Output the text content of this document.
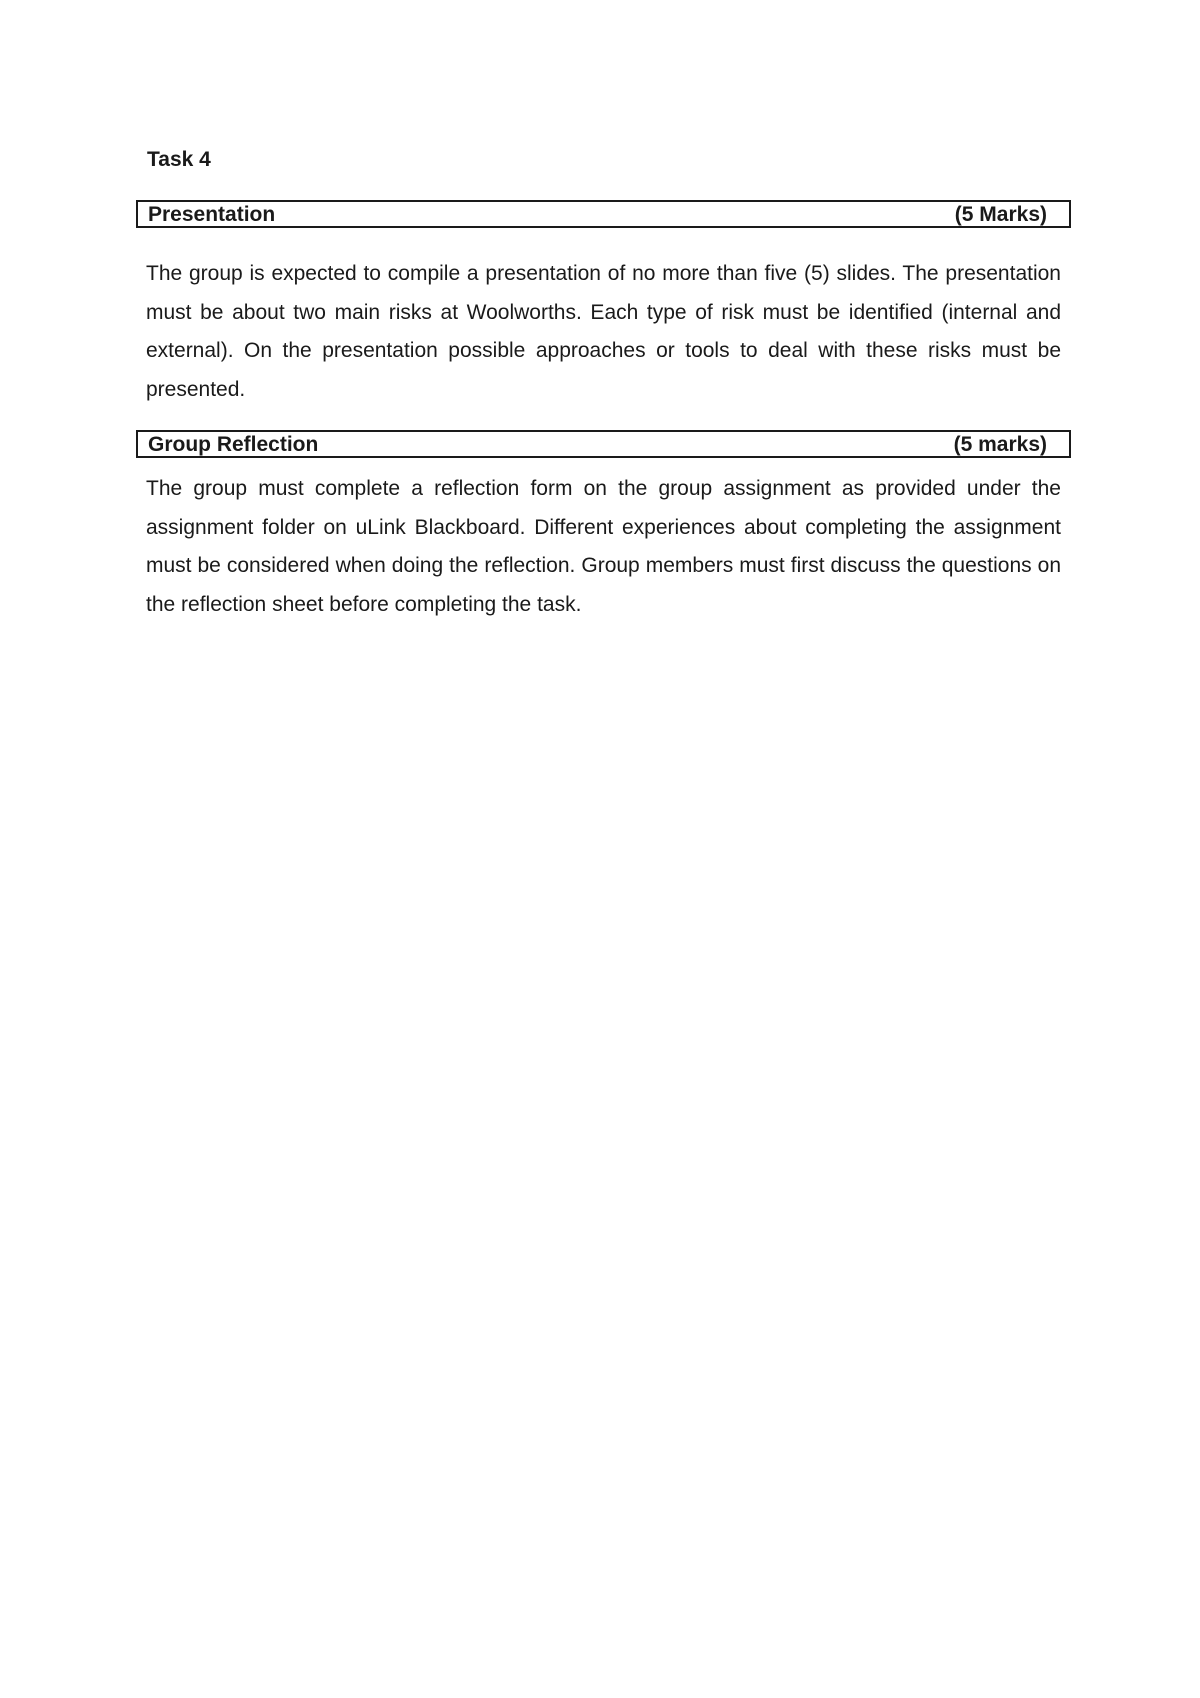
Task 4
Presentation	(5 Marks)

The group is expected to compile a presentation of no more than five (5) slides. The presentation must be about two main risks at Woolworths. Each type of risk must be identified (internal and external). On the presentation possible approaches or tools to deal with these risks must be presented.

Group Reflection	(5 marks)

The group must complete a reflection form on the group assignment as provided under the assignment folder on uLink Blackboard. Different experiences about completing the assignment must be considered when doing the reflection. Group members must first discuss the questions on the reflection sheet before completing the task.
